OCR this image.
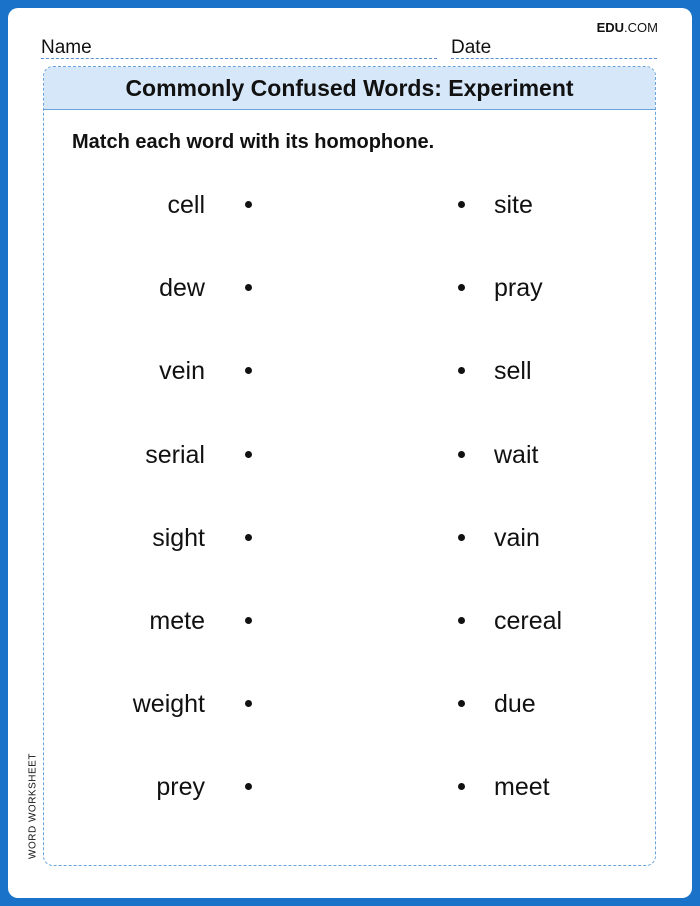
EDU.COM
Name	Date
Commonly Confused Words: Experiment
Match each word with its homophone.
cell	site
dew	pray
vein	sell
serial	wait
sight	vain
mete	cereal
weight	due
prey	meet
WORD WORKSHEET
